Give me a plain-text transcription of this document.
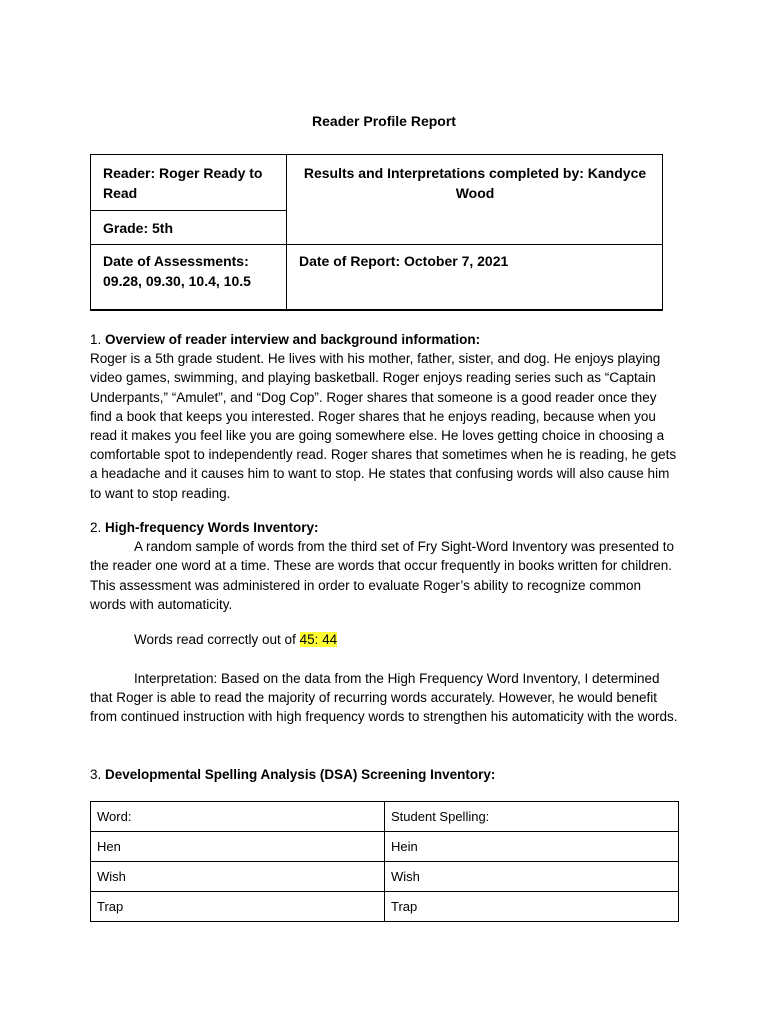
Reader Profile Report
Reader: Roger Ready to Read
Grade: 5th
Results and Interpretations completed by: Kandyce Wood
Date of Assessments: 09.28, 09.30, 10.4, 10.5
Date of Report: October 7, 2021
1. Overview of reader interview and background information:
Roger is a 5th grade student. He lives with his mother, father, sister, and dog. He enjoys playing video games, swimming, and playing basketball. Roger enjoys reading series such as “Captain Underpants,” “Amulet”, and “Dog Cop”. Roger shares that someone is a good reader once they find a book that keeps you interested. Roger shares that he enjoys reading, because when you read it makes you feel like you are going somewhere else. He loves getting choice in choosing a comfortable spot to independently read. Roger shares that sometimes when he is reading, he gets a headache and it causes him to want to stop. He states that confusing words will also cause him to want to stop reading.
2. High-frequency Words Inventory:
A random sample of words from the third set of Fry Sight-Word Inventory was presented to the reader one word at a time. These are words that occur frequently in books written for children. This assessment was administered in order to evaluate Roger’s ability to recognize common words with automaticity.
Words read correctly out of 45: 44
Interpretation: Based on the data from the High Frequency Word Inventory, I determined that Roger is able to read the majority of recurring words accurately. However, he would benefit from continued instruction with high frequency words to strengthen his automaticity with the words.
3. Developmental Spelling Analysis (DSA) Screening Inventory:
Word:	Student Spelling:
Hen	Hein
Wish	Wish
Trap	Trap
